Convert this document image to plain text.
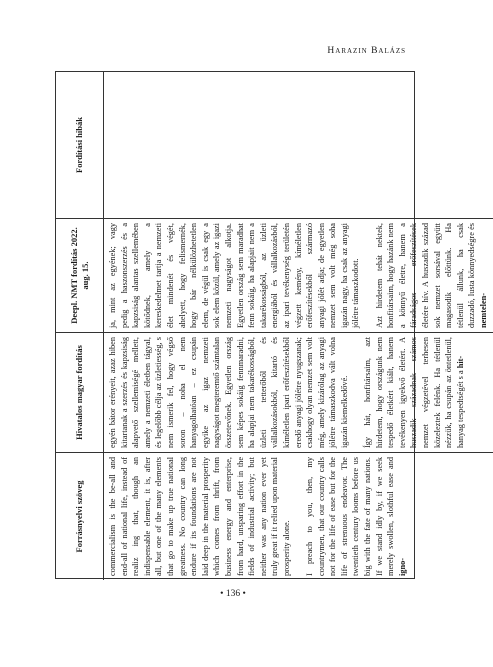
Harazin Balázs
Forrásnyelvi szöveg
Hivatalos magyar fordítás
Deepl. NMT fordítás 2022. aug. 15.
Fordítási hibák

commercialism is the be-all and end-all of national life, instead of realiz ing that, though an indispensable element, it is, after all, but one of the many elements that go to make up true national greatness. No country can long endure if its foundations are not laid deep in the material prosperity which comes from thrift, from business energy and enterprise, from hard, unsparing effort in the fields of industrial activity; but neither was any nation ever yet truly great if it relied upon material prosperity alone. I preach to you, then, my countrymen, that our country calls not for the life of ease but for the life of strenuous endeavor. The twentieth century looms before us big with the fate of many nations. If we stand idly by, if we seek merely swollen, slothful ease and igno-

egyén bátor erényeit, azaz hiben kitartanak a szerzés és kapzsiság alapvető szellemiségé mellett, amely a nemzeti életben tágyal, és legelőbb célja az üzletiesség, s nem ismerik fel, hogy végső soron – noha el nem hanyagolhatóan – ez csupán egyike az igaz nemzeti nagyságot megteremtő számtalan összetevőnek. Egyetlen ország sem képes sokáig fennmaradni, ha alapjai nem takarékosságból, üzleti tetterőből és vállalkozásokból, kitartó és kíméletlen ipari erőfeszítésekből eredő anyagi jólétre nyugszanak; csakhogy olyan nemzet sem volt még, amely kizárólag az anyagi jólétre támaszkodva vált volna igazán kiemelkedővé. Így hát, honfitársaim, azt hirdetem, hogy országunk nem tespedő életkért kiált, hanem tevékenyen igyekvő életért. A huszadik századnak számos nemzet végzetével terhesen közeleztek felénk. Ha tétlenül nézzük, ha csupán az öntetlenül, hanyag tespedtségét s a hit-

ja, mint az egyének; vagy pedig a haszonszerzés és a kapzsiság alantas szellemében kötődnek, amely a kereskedelmet tartja a nemzeti élet mindenét és végét, ahelyett, hogy felismernék, hogy bár nélkülözhetetlen elem, de végül is csak egy a sok elem közül, amely az igazi nemzeti nagyságot alkotja. Egyetlen ország sem maradhat fenn sokáig, ha alapjait nem a takarékosságból, az üzleti energiából és vállalkozásból, az ipari tevékenység területén végzett kemény, kíméletlen erőfeszítésekből származó anyagi jólét adja; de egyetlen nemzet sem volt még soha igazán nagy, ha csak az anyagi jólétre támaszkodott. Azt hirdetem tehát nektek, honfitársaim, hogy hazánk nem a könnyű életre, hanem a fáradságos erőfeszítések életére hív. A huszadik század sok nemzet sorsával együtt magasodik előttünk. Ha tétlenül állunk, ha csak duzzadó, lusta könnyedségre és nemtelen-

• 136 •
